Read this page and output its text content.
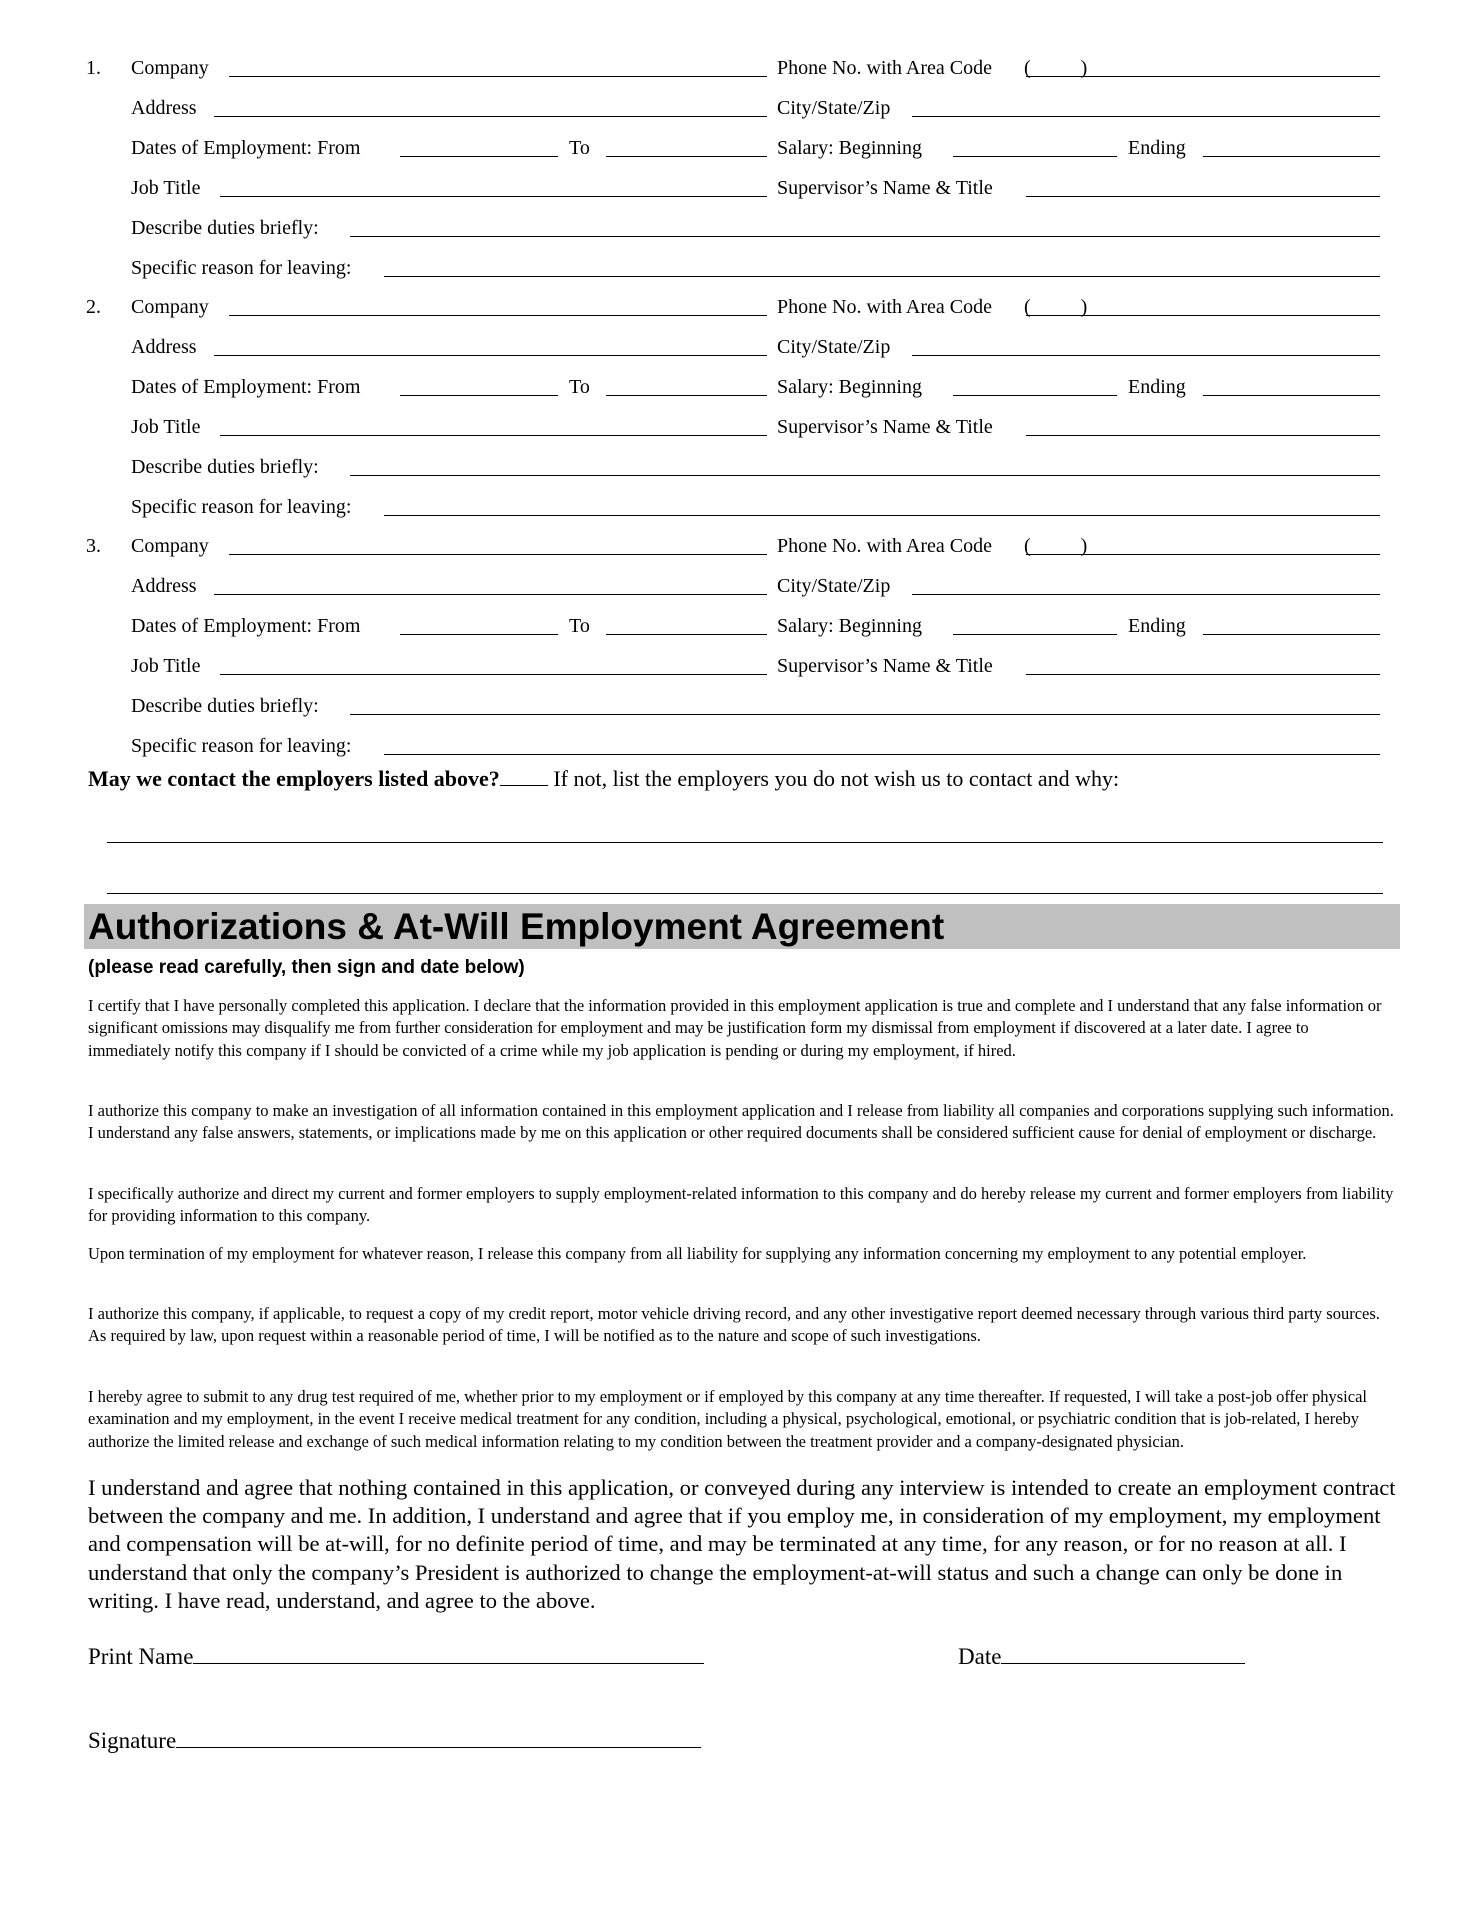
1. Company	Phone No. with Area Code (          )
Address	City/State/Zip
Dates of Employment: From	To	Salary: Beginning	Ending
Job Title	Supervisor’s Name & Title
Describe duties briefly:
Specific reason for leaving:
2. Company	Phone No. with Area Code (          )
Address	City/State/Zip
Dates of Employment: From	To	Salary: Beginning	Ending
Job Title	Supervisor’s Name & Title
Describe duties briefly:
Specific reason for leaving:
3. Company	Phone No. with Area Code (          )
Address	City/State/Zip
Dates of Employment: From	To	Salary: Beginning	Ending
Job Title	Supervisor’s Name & Title
Describe duties briefly:
Specific reason for leaving:
May we contact the employers listed above? If not, list the employers you do not wish us to contact and why:
Authorizations & At-Will Employment Agreement
(please read carefully, then sign and date below)

I certify that I have personally completed this application. I declare that the information provided in this employment application is true and complete and I understand that any false information or significant omissions may disqualify me from further consideration for employment and may be justification form my dismissal from employment if discovered at a later date. I agree to immediately notify this company if I should be convicted of a crime while my job application is pending or during my employment, if hired.

I authorize this company to make an investigation of all information contained in this employment application and I release from liability all companies and corporations supplying such information. I understand any false answers, statements, or implications made by me on this application or other required documents shall be considered sufficient cause for denial of employment or discharge.

I specifically authorize and direct my current and former employers to supply employment-related information to this company and do hereby release my current and former employers from liability for providing information to this company.

Upon termination of my employment for whatever reason, I release this company from all liability for supplying any information concerning my employment to any potential employer.

I authorize this company, if applicable, to request a copy of my credit report, motor vehicle driving record, and any other investigative report deemed necessary through various third party sources. As required by law, upon request within a reasonable period of time, I will be notified as to the nature and scope of such investigations.

I hereby agree to submit to any drug test required of me, whether prior to my employment or if employed by this company at any time thereafter. If requested, I will take a post-job offer physical examination and my employment, in the event I receive medical treatment for any condition, including a physical, psychological, emotional, or psychiatric condition that is job-related, I hereby authorize the limited release and exchange of such medical information relating to my condition between the treatment provider and a company-designated physician.

I understand and agree that nothing contained in this application, or conveyed during any interview is intended to create an employment contract between the company and me. In addition, I understand and agree that if you employ me, in consideration of my employment, my employment and compensation will be at-will, for no definite period of time, and may be terminated at any time, for any reason, or for no reason at all. I understand that only the company’s President is authorized to change the employment-at-will status and such a change can only be done in writing. I have read, understand, and agree to the above.

Print Name	Date
Signature
